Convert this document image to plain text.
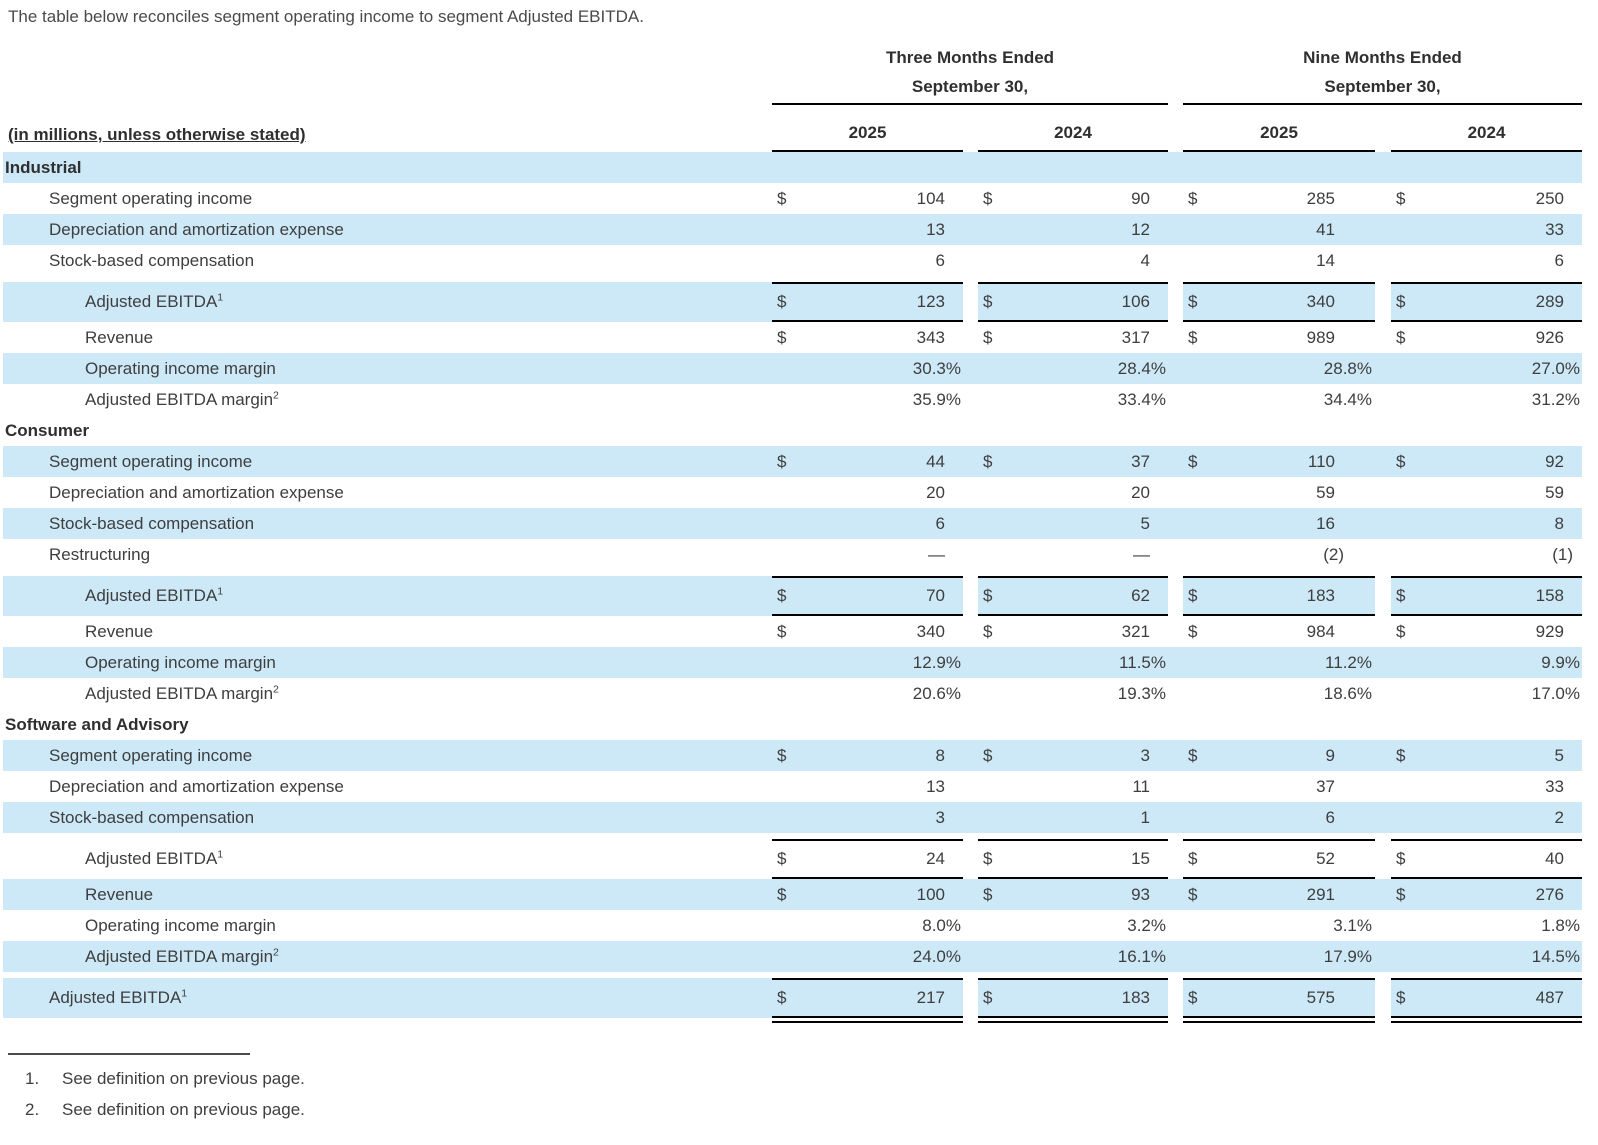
The table below reconciles segment operating income to segment Adjusted EBITDA.

	Three Months Ended						Nine Months Ended				
	September 30,						September 30,				
(in millions, unless otherwise stated)	2025			2024			2025			2024	
Industrial											
Segment operating income	$	104		$	90		$	285		$	250
Depreciation and amortization expense		13			12			41			33
Stock-based compensation		6			4			14			6

Adjusted EBITDA$^1$	$	123		$	106		$	340		$	289
Revenue	$	343		$	317		$	989		$	926
Operating income margin		30.3%			28.4%			28.8%			27.0%
Adjusted EBITDA margin$^2$		35.9%			33.4%			34.4%			31.2%
Consumer											
Segment operating income	$	44		$	37		$	110		$	92
Depreciation and amortization expense		20			20			59			59
Stock-based compensation		6			5			16			8
Restructuring		—			—			(2)			(1)

Adjusted EBITDA$^1$	$	70		$	62		$	183		$	158
Revenue	$	340		$	321		$	984		$	929
Operating income margin		12.9%			11.5%			11.2%			9.9%
Adjusted EBITDA margin$^2$		20.6%			19.3%			18.6%			17.0%
Software and Advisory											
Segment operating income	$	8		$	3		$	9		$	5
Depreciation and amortization expense		13			11			37			33
Stock-based compensation		3			1			6			2

Adjusted EBITDA$^1$	$	24		$	15		$	52		$	40
Revenue	$	100		$	93		$	291		$	276
Operating income margin		8.0%			3.2%			3.1%			1.8%
Adjusted EBITDA margin$^2$		24.0%			16.1%			17.9%			14.5%

Adjusted EBITDA$^1$	$	217		$	183		$	575		$	487

1. See definition on previous page.
2. See definition on previous page.
